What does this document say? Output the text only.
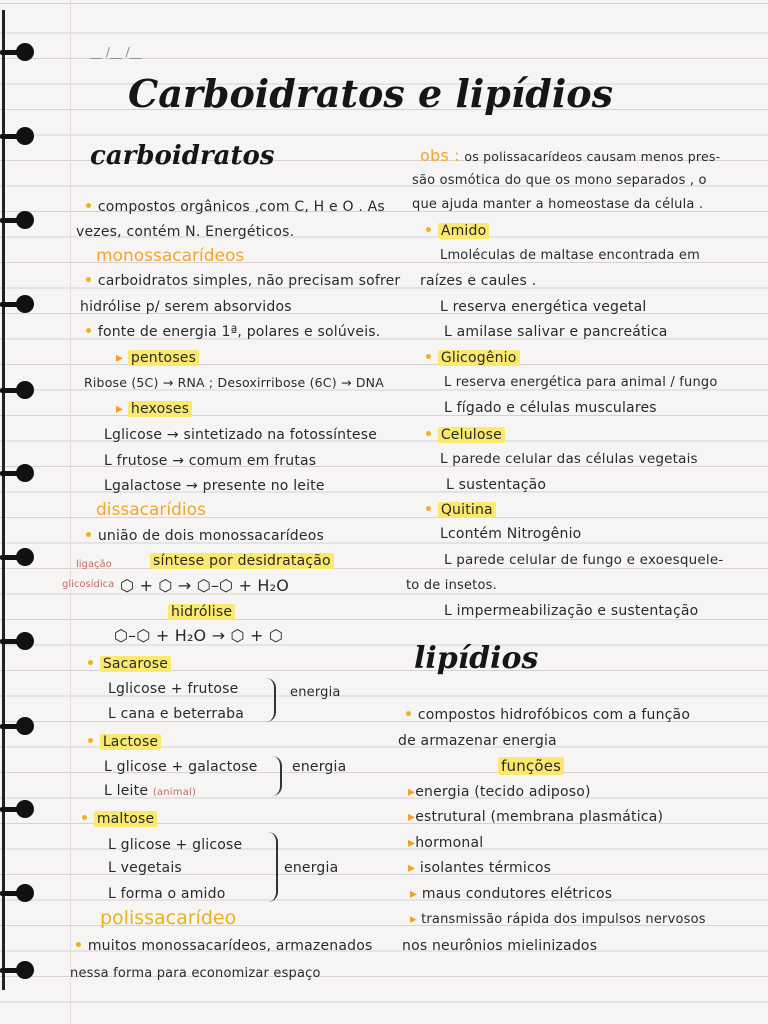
__ /__ /__
Carboidratos e lipídios
carboidratos
• compostos orgânicos ,com C, H e O . As
vezes, contém N. Energéticos.
monossacarídeos
• carboidratos simples, não precisam sofrer
hidrólise p/ serem absorvidos
• fonte de energia 1ª, polares e solúveis.
▸ pentoses
Ribose (5C) → RNA ; Desoxirribose (6C) → DNA
▸ hexoses
Lglicose → sintetizado na fotossíntese
L frutose → comum em frutas
Lgalactose → presente no leite
dissacarídios
• união de dois monossacarídeos
ligação
glicosídica
síntese por desidratação
⬡ + ⬡ → ⬡–⬡ + H₂O
hidrólise
⬡–⬡ + H₂O → ⬡ + ⬡
• Sacarose
Lglicose + frutose
L cana e beterraba
energia
• Lactose
L glicose + galactose
L leite (animal)
energia
• maltose
L glicose + glicose
L vegetais
L forma o amido
energia
polissacarídeo
• muitos monossacarídeos, armazenados
nessa forma para economizar espaço
obs : os polissacarídeos causam menos pres-
são osmótica do que os mono separados , o
que ajuda manter a homeostase da célula .
• Amido
Lmoléculas de maltase encontrada em
raízes e caules .
L reserva energética vegetal
L amilase salivar e pancreática
• Glicogênio
L reserva energética para animal / fungo
L fígado e células musculares
• Celulose
L parede celular das células vegetais
L sustentação
• Quitina
Lcontém Nitrogênio
L parede celular de fungo e exoesquele-
to de insetos.
L impermeabilização e sustentação
lipídios
• compostos hidrofóbicos com a função
de armazenar energia
funções
▸energia (tecido adiposo)
▸estrutural (membrana plasmática)
▸hormonal
▸ isolantes térmicos
▸ maus condutores elétricos
▸ transmissão rápida dos impulsos nervosos
nos neurônios mielinizados
